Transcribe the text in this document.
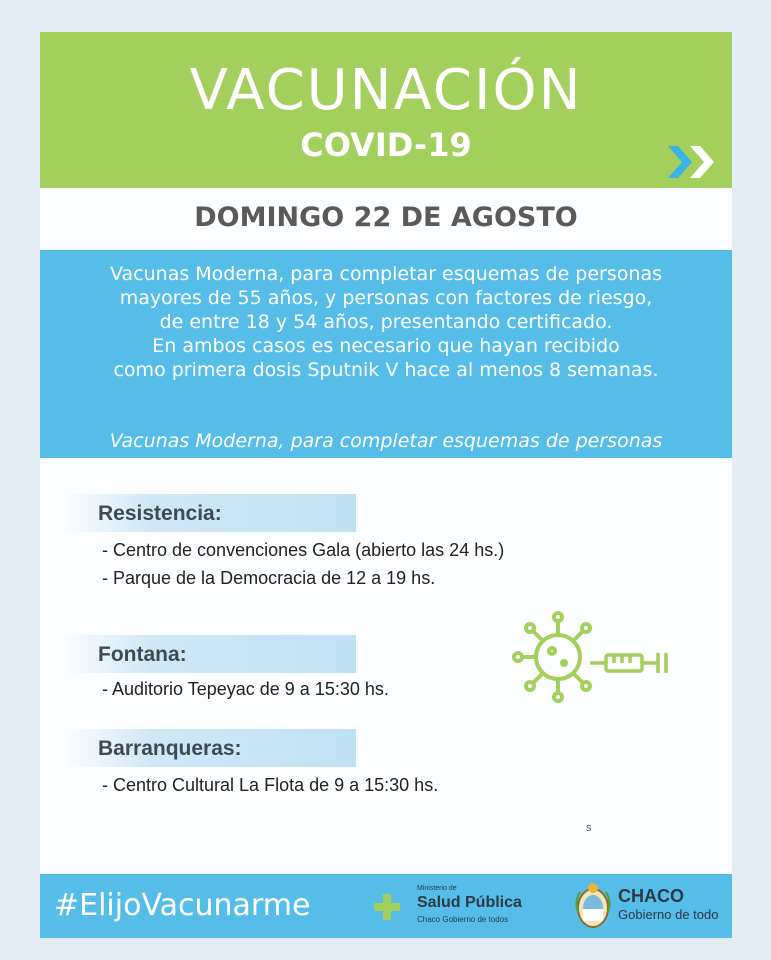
VACUNACIÓN
COVID-19
DOMINGO 22 DE AGOSTO
Vacunas Moderna, para completar esquemas de personas
mayores de 55 años, y personas con factores de riesgo,
de entre 18 y 54 años, presentando certificado.
En ambos casos es necesario que hayan recibido
como primera dosis Sputnik V hace al menos 8 semanas.
Vacunas Moderna, para completar esquemas de personas
Resistencia:
- Centro de convenciones Gala (abierto las 24 hs.)
- Parque de la Democracia de 12 a 19 hs.
Fontana:
- Auditorio Tepeyac de 9 a 15:30 hs.
Barranqueras:
- Centro Cultural La Flota de 9 a 15:30 hs.
s
#ElijoVacunarme	Ministerio de
Salud Pública
Chaco Gobierno de todos
CHACO
Gobierno de todo
